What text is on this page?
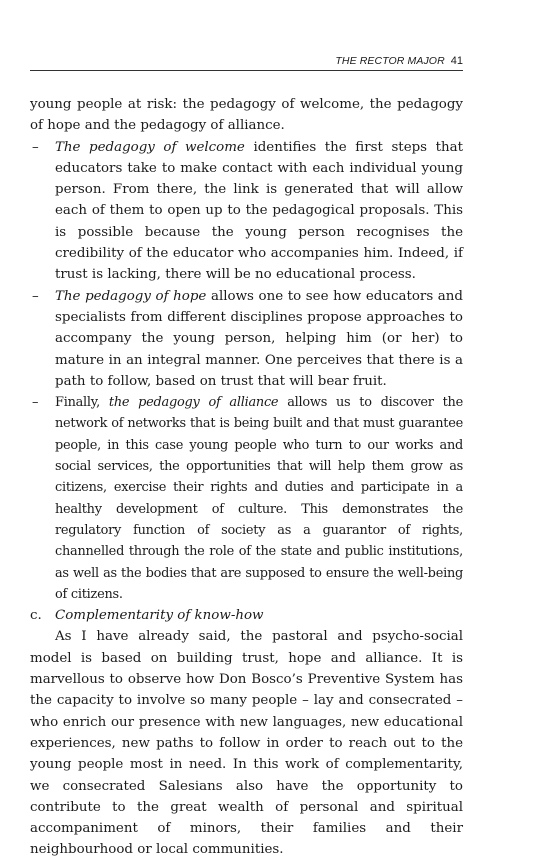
THE RECTOR MAJOR 41

young people at risk: the pedagogy of welcome, the pedagogy of hope and the pedagogy of alliance.

– The pedagogy of welcome identifies the first steps that educators take to make contact with each individual young person. From there, the link is generated that will allow each of them to open up to the pedagogical proposals. This is possible because the young person recognises the credibility of the educator who accompanies him. Indeed, if trust is lacking, there will be no educational process.
– The pedagogy of hope allows one to see how educators and specialists from different disciplines propose approaches to accompany the young person, helping him (or her) to mature in an integral manner. One perceives that there is a path to follow, based on trust that will bear fruit.
– Finally, the pedagogy of alliance allows us to discover the network of networks that is being built and that must guarantee people, in this case young people who turn to our works and social services, the opportunities that will help them grow as citizens, exercise their rights and duties and participate in a healthy development of culture. This demonstrates the regulatory function of society as a guarantor of rights, channelled through the role of the state and public institutions, as well as the bodies that are supposed to ensure the well-being of citizens.

c. Complementarity of know-how

As I have already said, the pastoral and psycho-social model is based on building trust, hope and alliance. It is marvellous to observe how Don Bosco’s Preventive System has the capacity to involve so many people – lay and consecrated – who enrich our presence with new languages, new educational experiences, new paths to follow in order to reach out to the young people most in need. In this work of complementarity, we consecrated Salesians also have the opportunity to contribute to the great wealth of personal and spiritual accompaniment of minors, their families and their neighbourhood or local communities.
